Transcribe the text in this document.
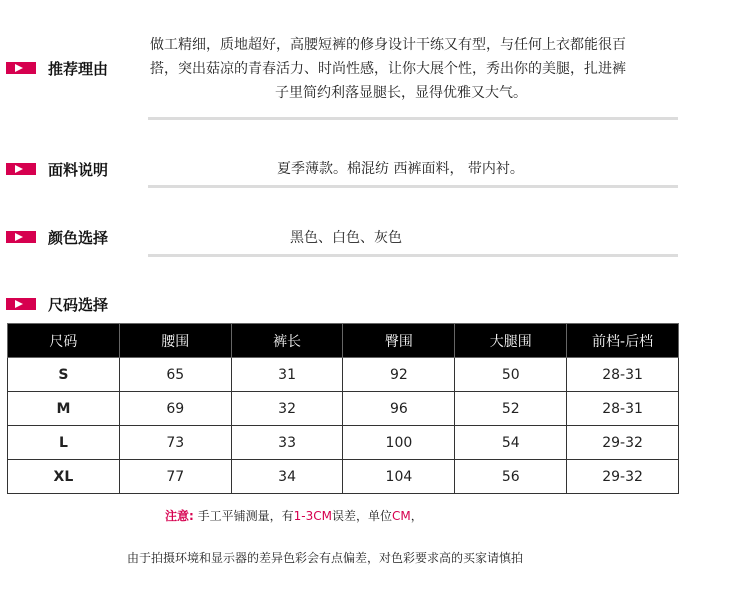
推荐理由
做工精细，质地超好，高腰短裤的修身设计干练又有型，与任何上衣都能很百
搭，突出菇凉的青春活力、时尚性感，让你大展个性，秀出你的美腿，扎进裤
子里简约利落显腿长，显得优雅又大气。
面料说明	夏季薄款。棉混纺 西裤面料， 带内衬。
颜色选择	黑色、白色、灰色
尺码选择
尺码	腰围	裤长	臀围	大腿围	前档-后档
S	65	31	92	50	28-31
M	69	32	96	52	28-31
L	73	33	100	54	29-32
XL	77	34	104	56	29-32
注意: 手工平铺测量，有1-3CM误差，单位CM，
由于拍摄环境和显示器的差异色彩会有点偏差，对色彩要求高的买家请慎拍
